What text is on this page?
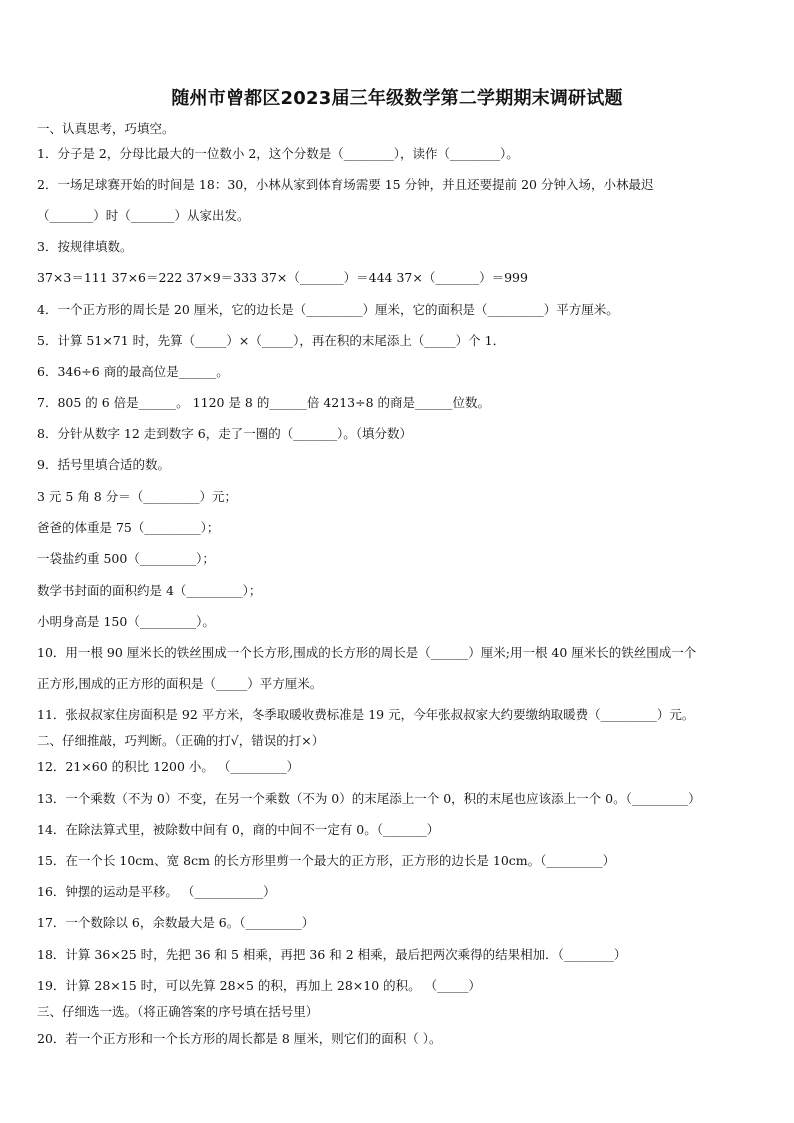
随州市曾都区2023届三年级数学第二学期期末调研试题
一、认真思考，巧填空。
1．分子是 2，分母比最大的一位数小 2，这个分数是（________），读作（________）。
2．一场足球赛开始的时间是 18：30，小林从家到体育场需要 15 分钟，并且还要提前 20 分钟入场，小林最迟
（_______）时（_______）从家出发。
3．按规律填数。
37×3＝111 37×6＝222 37×9＝333 37×（_______）＝444 37×（_______）＝999
4．一个正方形的周长是 20 厘米，它的边长是（_________）厘米，它的面积是（_________）平方厘米。
5．计算 51×71 时，先算（_____）×（_____），再在积的末尾添上（_____）个 1．
6．346÷6 商的最高位是______。
7．805 的 6 倍是______。 1120 是 8 的______倍 4213÷8 的商是______位数。
8．分针从数字 12 走到数字 6，走了一圈的（_______）。（填分数）
9．括号里填合适的数。
3 元 5 角 8 分＝（_________）元；
爸爸的体重是 75（_________）；
一袋盐约重 500（_________）；
数学书封面的面积约是 4（_________）；
小明身高是 150（_________）。
10．用一根 90 厘米长的铁丝围成一个长方形,围成的长方形的周长是（______）厘米;用一根 40 厘米长的铁丝围成一个
正方形,围成的正方形的面积是（_____）平方厘米。
11．张叔叔家住房面积是 92 平方米，冬季取暖收费标准是 19 元，今年张叔叔家大约要缴纳取暖费（_________）元。
二、仔细推敲，巧判断。（正确的打√，错误的打×）
12．21×60 的积比 1200 小。 （_________）
13．一个乘数（不为 0）不变，在另一个乘数（不为 0）的末尾添上一个 0，积的末尾也应该添上一个 0。（_________）
14．在除法算式里，被除数中间有 0，商的中间不一定有 0。（_______）
15．在一个长 10cm、宽 8cm 的长方形里剪一个最大的正方形，正方形的边长是 10cm。（_________）
16．钟摆的运动是平移。 （___________）
17．一个数除以 6，余数最大是 6。（_________）
18．计算 36×25 时，先把 36 和 5 相乘，再把 36 和 2 相乘，最后把两次乘得的结果相加．（________）
19．计算 28×15 时，可以先算 28×5 的积，再加上 28×10 的积。 （_____）
三、仔细选一选。（将正确答案的序号填在括号里）
20．若一个正方形和一个长方形的周长都是 8 厘米，则它们的面积（ ）。
